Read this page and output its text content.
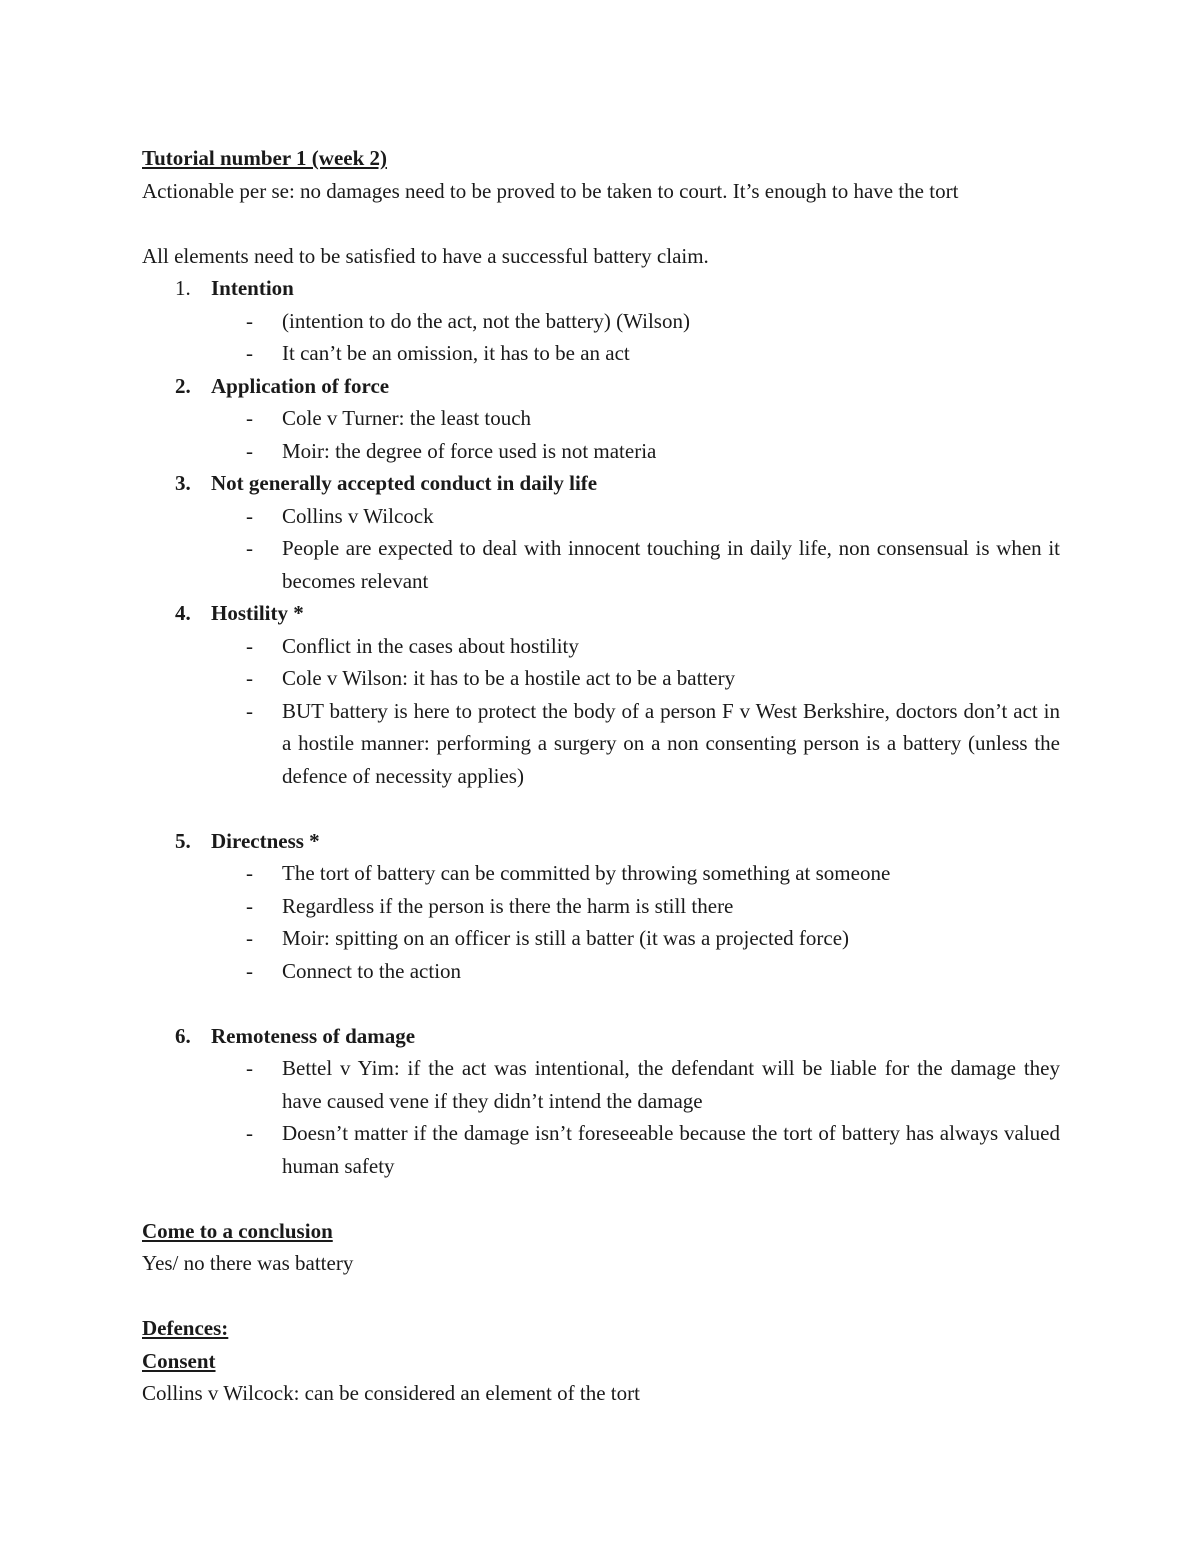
Tutorial number 1 (week 2)

Actionable per se: no damages need to be proved to be taken to court. It’s enough to have the tort

All elements need to be satisfied to have a successful battery claim.

1. Intention
- (intention to do the act, not the battery) (Wilson)
- It can’t be an omission, it has to be an act
2. Application of force
- Cole v Turner: the least touch
- Moir: the degree of force used is not materia
3. Not generally accepted conduct in daily life
- Collins v Wilcock
- People are expected to deal with innocent touching in daily life, non consensual is when it becomes relevant
4. Hostility *
- Conflict in the cases about hostility
- Cole v Wilson: it has to be a hostile act to be a battery
- BUT battery is here to protect the body of a person F v West Berkshire, doctors don’t act in a hostile manner: performing a surgery on a non consenting person is a battery (unless the defence of necessity applies)
5. Directness *
- The tort of battery can be committed by throwing something at someone
- Regardless if the person is there the harm is still there
- Moir: spitting on an officer is still a batter (it was a projected force)
- Connect to the action
6. Remoteness of damage
- Bettel v Yim: if the act was intentional, the defendant will be liable for the damage they have caused vene if they didn’t intend the damage
- Doesn’t matter if the damage isn’t foreseeable because the tort of battery has always valued human safety

Come to a conclusion

Yes/ no there was battery

Defences:

Consent

Collins v Wilcock: can be considered an element of the tort
